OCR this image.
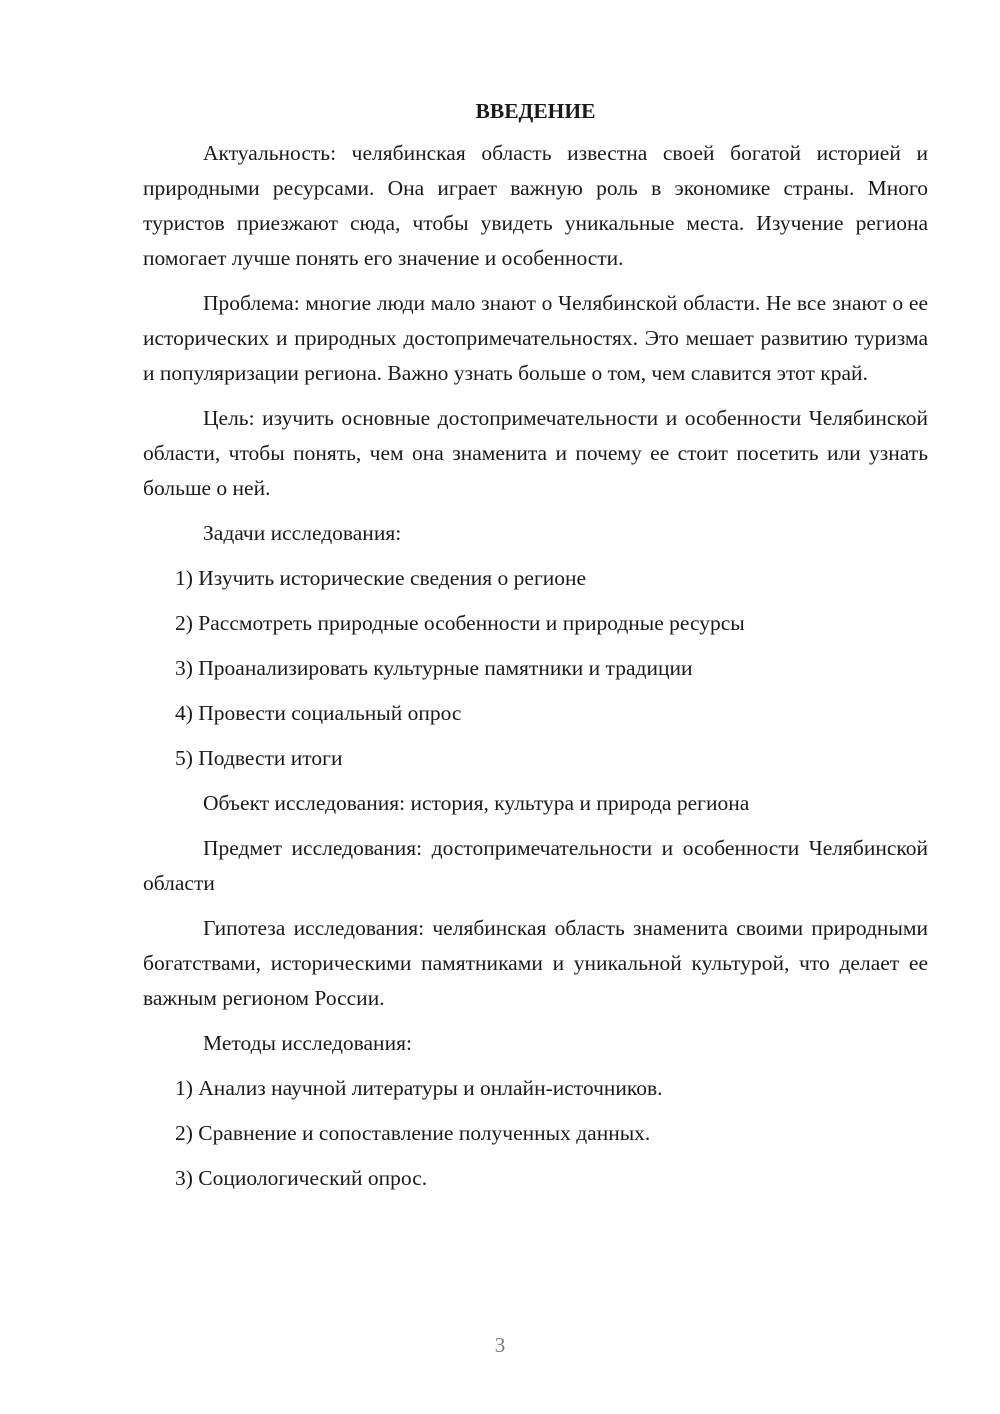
ВВЕДЕНИЕ

Актуальность: челябинская область известна своей богатой историей и природными ресурсами. Она играет важную роль в экономике страны. Много туристов приезжают сюда, чтобы увидеть уникальные места. Изучение региона помогает лучше понять его значение и особенности.

Проблема: многие люди мало знают о Челябинской области. Не все знают о ее исторических и природных достопримечательностях. Это мешает развитию туризма и популяризации региона. Важно узнать больше о том, чем славится этот край.

Цель: изучить основные достопримечательности и особенности Челябинской области, чтобы понять, чем она знаменита и почему ее стоит посетить или узнать больше о ней.

Задачи исследования:

1) Изучить исторические сведения о регионе

2) Рассмотреть природные особенности и природные ресурсы

3) Проанализировать культурные памятники и традиции

4) Провести социальный опрос

5) Подвести итоги

Объект исследования: история, культура и природа региона

Предмет исследования: достопримечательности и особенности Челябинской области

Гипотеза исследования: челябинская область знаменита своими природными богатствами, историческими памятниками и уникальной культурой, что делает ее важным регионом России.

Методы исследования:

1) Анализ научной литературы и онлайн-источников.

2) Сравнение и сопоставление полученных данных.

3) Социологический опрос.

3
